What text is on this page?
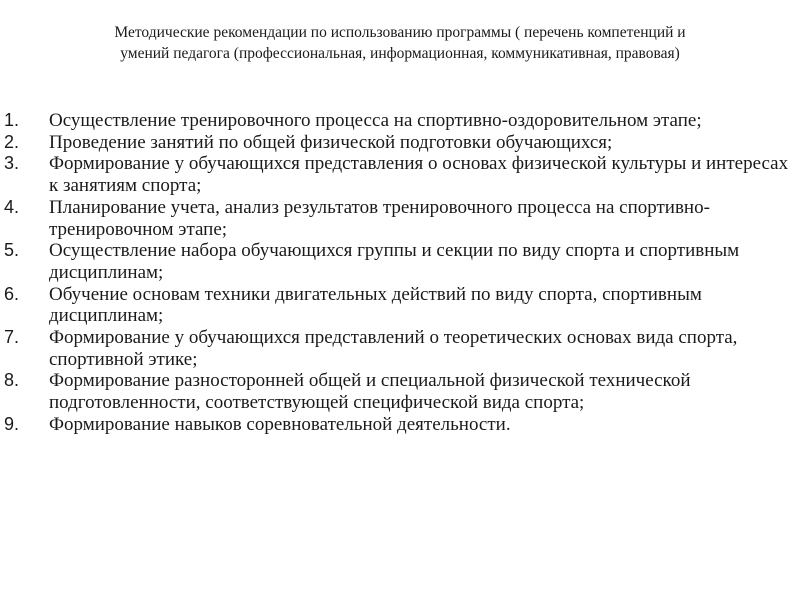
Методические рекомендации по использованию программы ( перечень компетенций и
умений педагога (профессиональная, информационная, коммуникативная, правовая)
1. Осуществление тренировочного процесса на спортивно-оздоровительном этапе;
2. Проведение занятий по общей физической подготовки обучающихся;
3. Формирование у обучающихся представления о основах физической культуры и интересах к занятиям спорта;
4. Планирование учета, анализ результатов тренировочного процесса на спортивно-тренировочном этапе;
5. Осуществление набора обучающихся группы и секции по виду спорта и спортивным дисциплинам;
6. Обучение основам техники двигательных действий по виду спорта, спортивным дисциплинам;
7. Формирование у обучающихся представлений о теоретических основах вида спорта, спортивной этике;
8. Формирование разносторонней общей и специальной физической технической подготовленности, соответствующей специфической вида спорта;
9. Формирование навыков соревновательной деятельности.
